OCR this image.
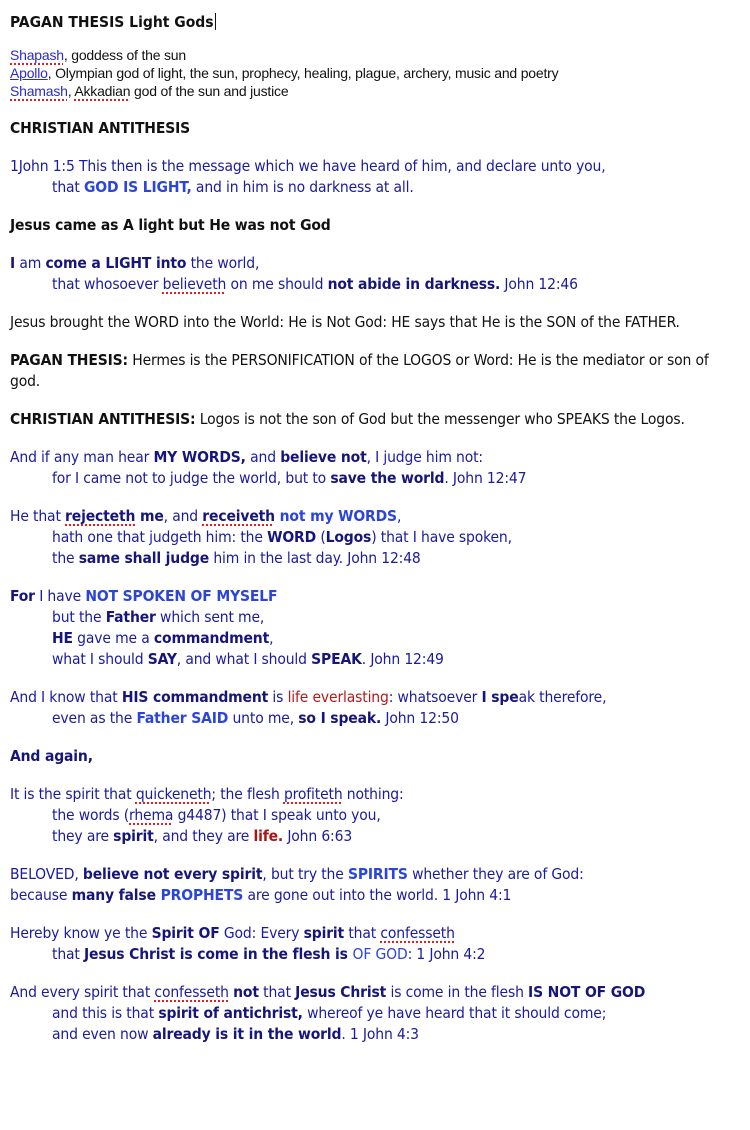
PAGAN THESIS Light Gods
Shapash, goddess of the sun
Apollo, Olympian god of light, the sun, prophecy, healing, plague, archery, music and poetry
Shamash, Akkadian god of the sun and justice

CHRISTIAN ANTITHESIS

1John 1:5 This then is the message which we have heard of him, and declare unto you,
that GOD IS LIGHT, and in him is no darkness at all.

Jesus came as A light but He was not God

I am come a LIGHT into the world,
that whosoever believeth on me should not abide in darkness. John 12:46

Jesus brought the WORD into the World: He is Not God: HE says that He is the SON of the FATHER.

PAGAN THESIS: Hermes is the PERSONIFICATION of the LOGOS or Word: He is the mediator or son of god.

CHRISTIAN ANTITHESIS: Logos is not the son of God but the messenger who SPEAKS the Logos.

And if any man hear MY WORDS, and believe not, I judge him not:
for I came not to judge the world, but to save the world. John 12:47

He that rejecteth me, and receiveth not my WORDS,
hath one that judgeth him: the WORD (Logos) that I have spoken,
the same shall judge him in the last day. John 12:48

For I have NOT SPOKEN OF MYSELF
but the Father which sent me,
HE gave me a commandment,
what I should SAY, and what I should SPEAK. John 12:49

And I know that HIS commandment is life everlasting: whatsoever I speak therefore,
even as the Father SAID unto me, so I speak. John 12:50

And again,

It is the spirit that quickeneth; the flesh profiteth nothing:
the words (rhema g4487) that I speak unto you,
they are spirit, and they are life. John 6:63

BELOVED, believe not every spirit, but try the SPIRITS whether they are of God:
because many false PROPHETS are gone out into the world. 1 John 4:1

Hereby know ye the Spirit OF God: Every spirit that confesseth
that Jesus Christ is come in the flesh is OF GOD: 1 John 4:2

And every spirit that confesseth not that Jesus Christ is come in the flesh IS NOT OF GOD
and this is that spirit of antichrist, whereof ye have heard that it should come;
and even now already is it in the world. 1 John 4:3
